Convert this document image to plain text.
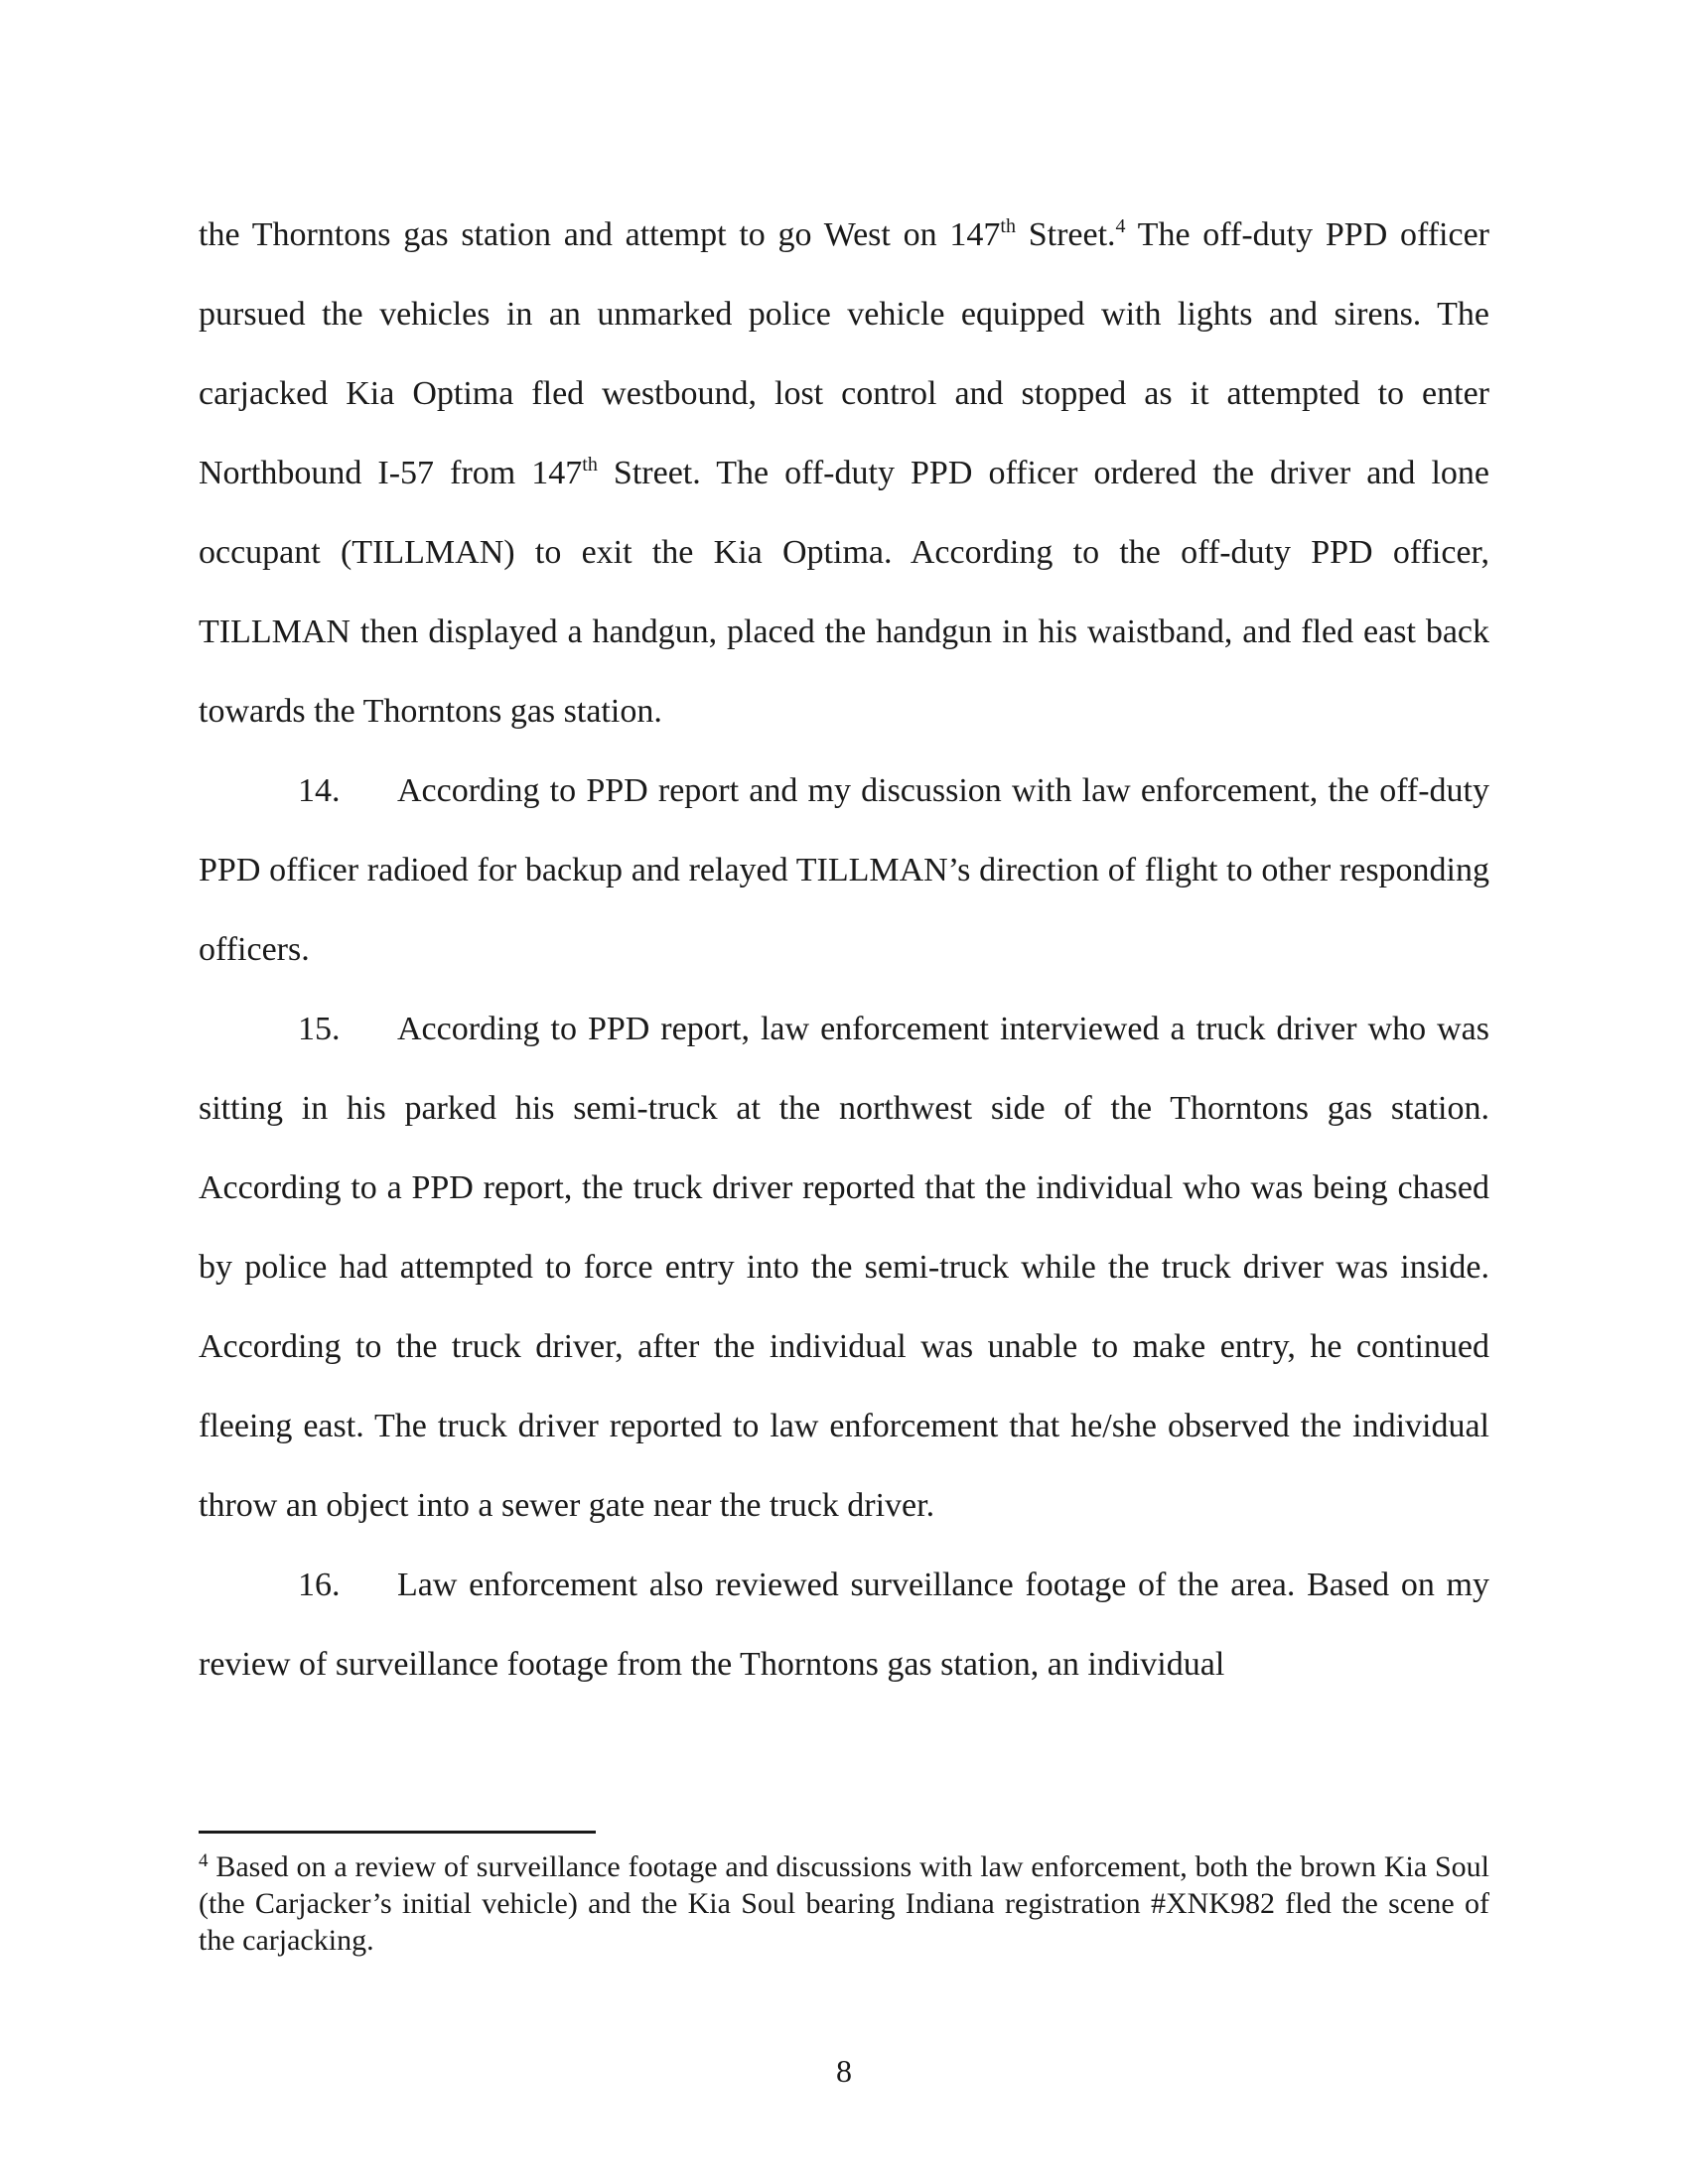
the Thorntons gas station and attempt to go West on 147th Street.$^4$ The off-duty PPD officer pursued the vehicles in an unmarked police vehicle equipped with lights and sirens. The carjacked Kia Optima fled westbound, lost control and stopped as it attempted to enter Northbound I-57 from 147th Street. The off-duty PPD officer ordered the driver and lone occupant (TILLMAN) to exit the Kia Optima. According to the off-duty PPD officer, TILLMAN then displayed a handgun, placed the handgun in his waistband, and fled east back towards the Thorntons gas station.

14. According to PPD report and my discussion with law enforcement, the off-duty PPD officer radioed for backup and relayed TILLMAN’s direction of flight to other responding officers.

15. According to PPD report, law enforcement interviewed a truck driver who was sitting in his parked his semi-truck at the northwest side of the Thorntons gas station. According to a PPD report, the truck driver reported that the individual who was being chased by police had attempted to force entry into the semi-truck while the truck driver was inside. According to the truck driver, after the individual was unable to make entry, he continued fleeing east. The truck driver reported to law enforcement that he/she observed the individual throw an object into a sewer gate near the truck driver.

16. Law enforcement also reviewed surveillance footage of the area. Based on my review of surveillance footage from the Thorntons gas station, an individual

$^4$ Based on a review of surveillance footage and discussions with law enforcement, both the brown Kia Soul (the Carjacker’s initial vehicle) and the Kia Soul bearing Indiana registration #XNK982 fled the scene of the carjacking.
8
